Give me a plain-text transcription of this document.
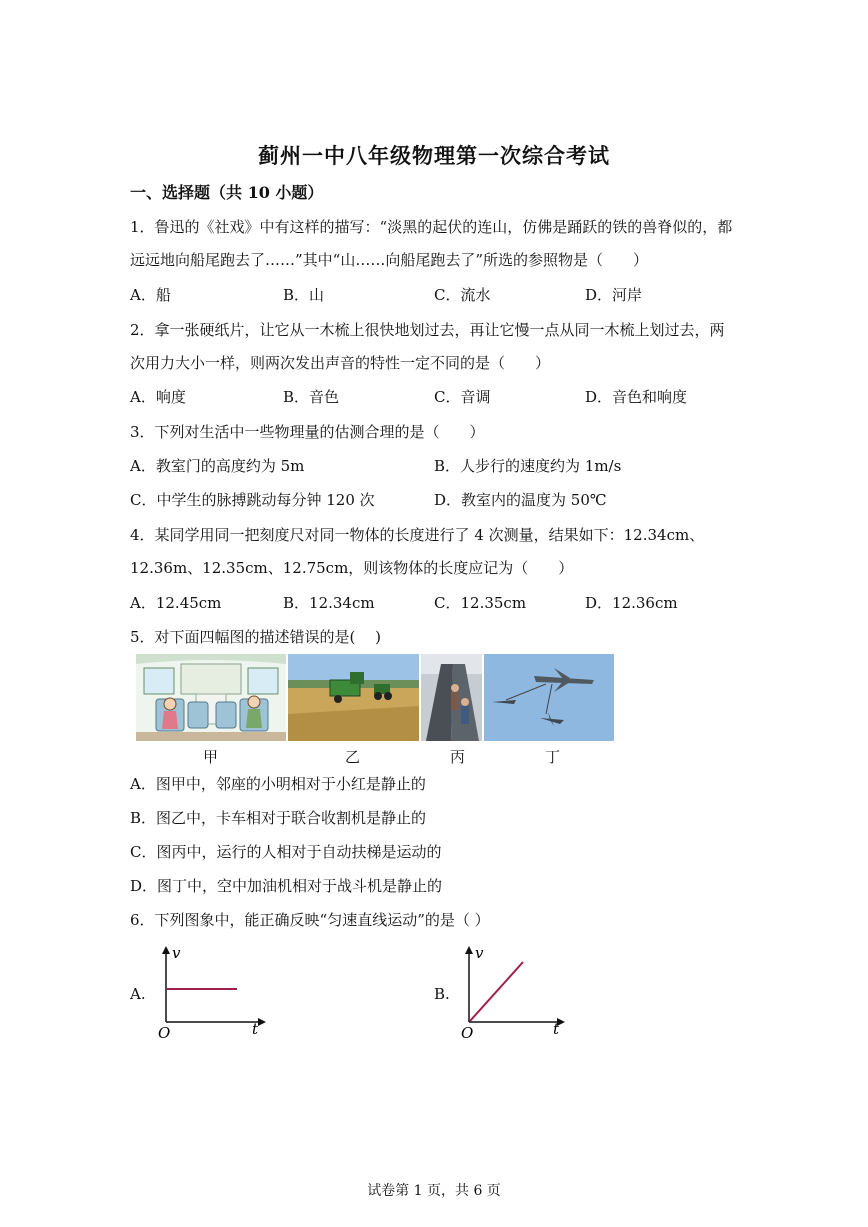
蓟州一中八年级物理第一次综合考试
一、选择题（共 10 小题）
1．鲁迅的《社戏》中有这样的描写：“淡黑的起伏的连山，仿佛是踊跃的铁的兽脊似的，都
远远地向船尾跑去了……”其中“山……向船尾跑去了”所选的参照物是（　　）
A．船	B．山	C．流水	D．河岸
2．拿一张硬纸片，让它从一木梳上很快地划过去，再让它慢一点从同一木梳上划过去，两
次用力大小一样，则两次发出声音的特性一定不同的是（　　）
A．响度	B．音色	C．音调	D．音色和响度
3．下列对生活中一些物理量的估测合理的是（　　）
A．教室门的高度约为 5m	B．人步行的速度约为 1m/s
C．中学生的脉搏跳动每分钟 120 次	D．教室内的温度为 50℃
4．某同学用同一把刻度尺对同一物体的长度进行了 4 次测量，结果如下：12.34cm、
12.36m、12.35cm、12.75cm，则该物体的长度应记为（　　）
A．12.45cm	B．12.34cm	C．12.35cm	D．12.36cm
5．对下面四幅图的描述错误的是(　 )
甲	乙	丙	丁
A．图甲中，邻座的小明相对于小红是静止的
B．图乙中，卡车相对于联合收割机是静止的
C．图丙中，运行的人相对于自动扶梯是运动的
D．图丁中，空中加油机相对于战斗机是静止的
6．下列图象中，能正确反映“匀速直线运动”的是（ ）
A.
v
t
O
B.
v
t
O
试卷第 1 页，共 6 页
